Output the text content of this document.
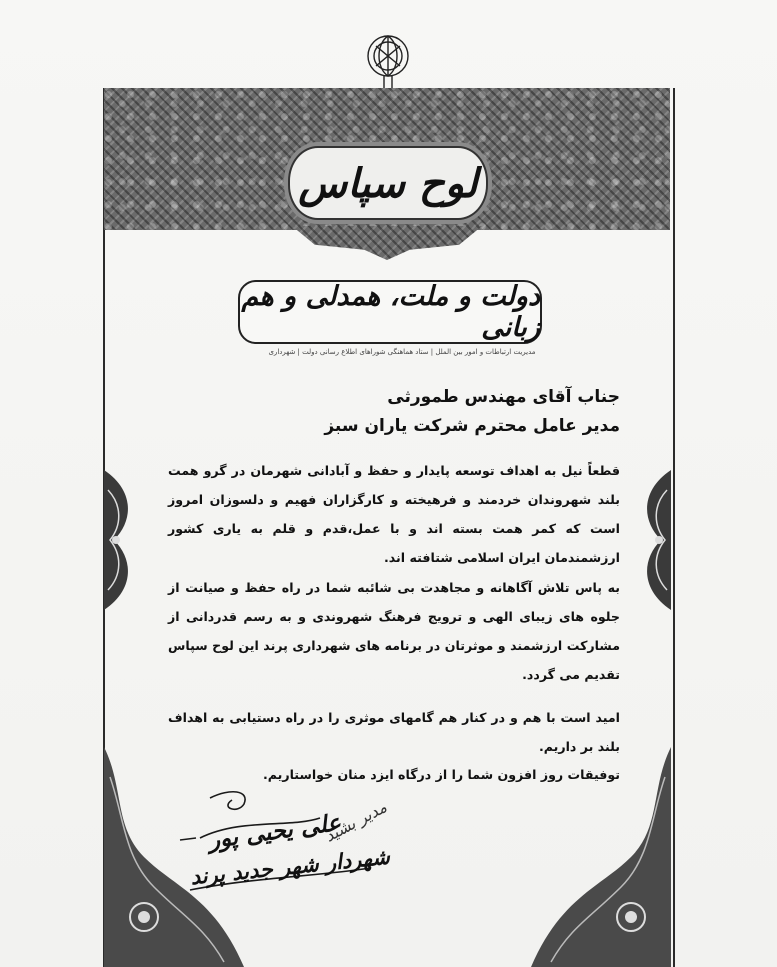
لوح سپاس
دولت و ملت، همدلی و هم زبانی
مدیریت ارتباطات و امور بین الملل | ستاد هماهنگی شوراهای اطلاع رسانی دولت | شهرداری
جناب آقای مهندس طمورثی
مدیر عامل محترم شرکت یاران سبز
قطعاً نیل به اهداف توسعه پایدار و حفظ و آبادانی شهرمان در گرو همت بلند شهروندان خردمند و فرهیخته و کارگزاران فهیم و دلسوزان امروز است که کمر همت بسته اند و با عمل،قدم و قلم به یاری کشور ارزشمندمان ایران اسلامی شتافته اند.
به پاس تلاش آگاهانه و مجاهدت بی شائبه شما در راه حفظ و صیانت از جلوه های زیبای الهی و ترویج فرهنگ شهروندی و به رسم قدردانی از مشارکت ارزشمند و موثرتان در برنامه های شهرداری پرند این لوح سپاس تقدیم می گردد.
امید است با هم و در کنار هم گامهای موثری را در راه دستیابی به اهداف بلند بر داریم.
توفیقات روز افزون شما را از درگاه ایزد منان خواستاریم.
علی یحیی پور
شهردار شهر جدید پرند
مدیر بشید
